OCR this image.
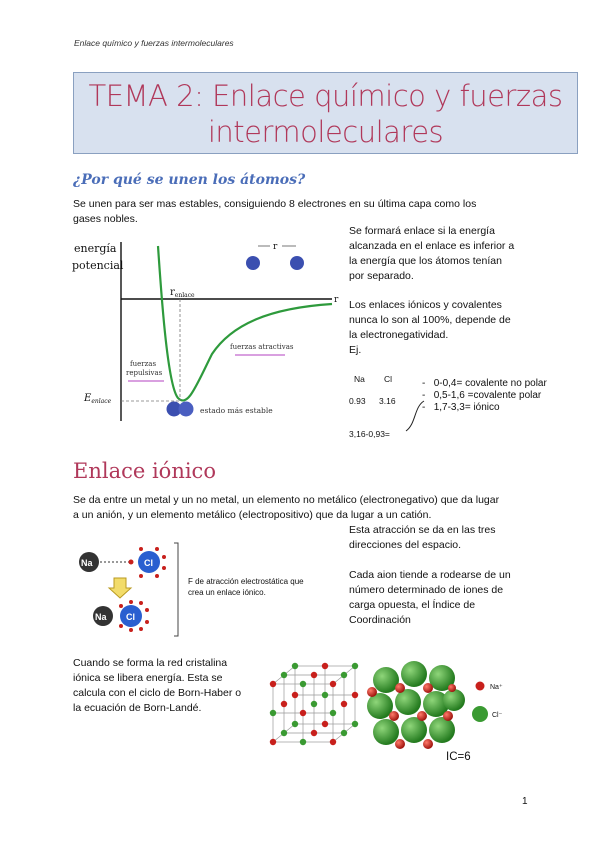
Enlace químico y fuerzas intermoleculares
TEMA 2: Enlace químico y fuerzas
intermoleculares
¿Por qué se unen los átomos?
Se unen para ser mas estables, consiguiendo 8 electrones en su última capa como los
gases nobles.
energía
potencial
r
$r_{enlace}$
r
fuerzas atractivas
fuerzas
repulsivas
$E_{enlace}$
estado más estable
Se formará enlace si la energía
alcanzada en el enlace es inferior a
la energía que los átomos tenían
por separado.
Los enlaces iónicos y covalentes
nunca lo son al 100%, depende de
la electronegatividad.
Ej.
Na Cl
0.93 3.16
3,16-0,93=
- 0-0,4= covalente no polar
- 0,5-1,6 =covalente polar
- 1,7-3,3= iónico
Enlace iónico
Se da entre un metal y un no metal, un elemento no metálico (electronegativo) que da lugar
a un anión, y un elemento metálico (electropositivo) que da lugar a un catión.
Na	Cl
Na Cl
F de atracción electrostática que
crea un enlace iónico.
Esta atracción se da en las tres
direcciones del espacio.
Cada aion tiende a rodearse de un
número determinado de iones de
carga opuesta, el Índice de
Coordinación
Cuando se forma la red cristalina
iónica se libera energía. Esta se
calcula con el ciclo de Born-Haber o
la ecuación de Born-Landé.
Na⁺
Cl⁻
IC=6
1
